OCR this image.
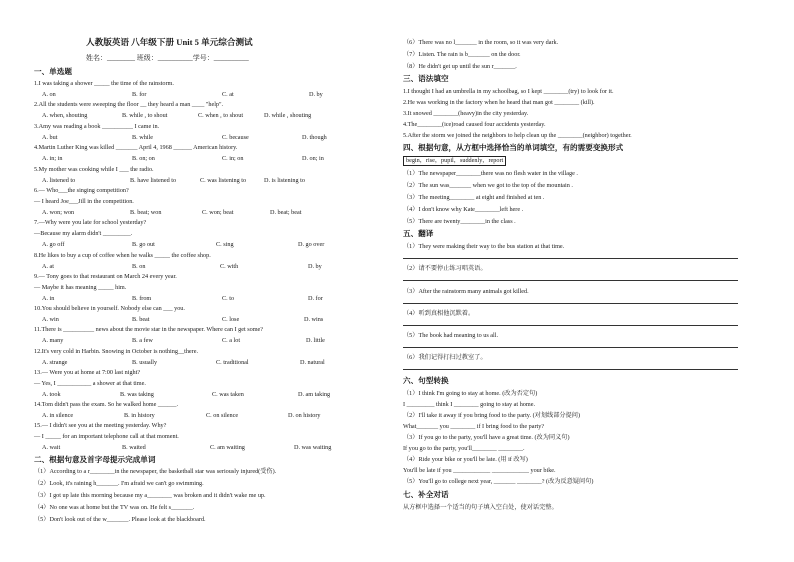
人教版英语 八年级下册 Unit 5 单元综合测试
姓名：________ 班级：__________学号：__________
一、单选题
1.I was taking a shower _____ the time of the rainstorm.
A. on	B. for	C. at	D. by
2.All the students were sweeping the floor __ they heard a man ____ "help".
A. when, shouting	B. while , to shout	C. when , to shout	D. while , shouting
3.Amy was reading a book __________ I came in.
A. but	B. while	C. because	D. though
4.Martin Luther King was killed _______ April 4, 1968 ______ American history.
A. in; in	B. on; on	C. in; on	D. on; in
5.My mother was cooking while I ___ the radio.
A. listened to	B. have listened to	C. was listening to	D. is listening to
6.— Who___the singing competition?
— I heard Joe___Jill in the competition.
A. won; won	B. beat; won	C. won; beat	D. beat; beat
7.—Why were you late for school yesterday?
—Because my alarm didn't _________.
A. go off	B. go out	C. sing	D. go over
8.He likes to buy a cup of coffee when he walks _____ the coffee shop.
A. at	B. on	C. with	D. by
9.— Tony goes to that restaurant on March 24 every year.
— Maybe it has meaning _____ him.
A. in	B. from	C. to	D. for
10.You should believe in yourself. Nobody else can ___ you.
A. win	B. beat	C. lose	D. wins
11.There is __________ news about the movie star in the newspaper. Where can I get some?
A. many	B. a few	C. a lot	D. little
12.It's very cold in Harbin. Snowing in October is nothing__there.
A. strange	B. usually	C. traditional	D. natural
13.— Were you at home at 7:00 last night?
— Yes, I ___________ a shower at that time.
A. took	B. was taking	C. was taken	D. am taking
14.Tom didn't pass the exam. So he walked home ______.
A. in silence	B. in history	C. on silence	D. on history
15.— I didn't see you at the meeting yesterday. Why?
— I _____ for an important telephone call at that moment.
A. wait	B. waited	C. am waiting	D. was waiting
二、根据句意及首字母提示完成单词
（1）According to a r________in the newspaper, the basketball star was seriously injured(受伤).
（2）Look, it's raining h_______. I'm afraid we can't go swimming.
（3）I got up late this morning because my a________ was broken and it didn't wake me up.
（4）No one was at home but the TV was on. He felt s_______.
（5）Don't look out of the w_______. Please look at the blackboard.
（6）There was no l_______ in the room, so it was very dark.
（7）Listen. The rain is b_______ on the door.
（8）He didn't get up until the sun r_______.
三、语法填空
1.I thought I had an umbrella in my schoolbag, so I kept ________(try) to look for it.
2.He was working in the factory when he heard that man got ________ (kill).
3.It snowed ________(heavy)in the city yesterday.
4.The________(ice)road caused four accidents yesterday.
5.After the storm we joined the neighbors to help clean up the ________(neighbor) together.
四、根据句意，从方框中选择恰当的单词填空，有的需要变换形式
begin，rise，pupil，suddenly，report
（1）The newspaper________there was no flesh water in the village .
（2）The sun was_______ when we got to the top of the mountain .
（3）The meeting________ at eight and finished at ten .
（4）I don't know why Kate________left here .
（5）There are twenty________in the class .
五、翻译
（1）They were making their way to the bus station at that time.
（2）请不要停止练习唱英语。
（3）After the rainstorm many animals got killed.
（4）听到真相他沉默着。
（5）The book had meaning to us all.
（6）我们记得打扫过教室了。
六、句型转换
（1）I think I'm going to stay at home. (改为否定句)
I _________ think I ________ going to stay at home.
（2）I'll take it away if you bring food to the party. (对划线部分提问)
What_______ you ________ if I bring food to the party?
（3）If you go to the party, you'll have a great time. (改为同义句)
If you go to the party, you'll________ ________.
（4）Ride your bike or you'll be late. (用 if 改写)
You'll be late if you ____________ ____________ your bike.
（5）You'll go to college next year, _______ ________? (改为反意疑问句)
七、补全对话
从方框中选择一个适当的句子填入空白处，使对话完整。
